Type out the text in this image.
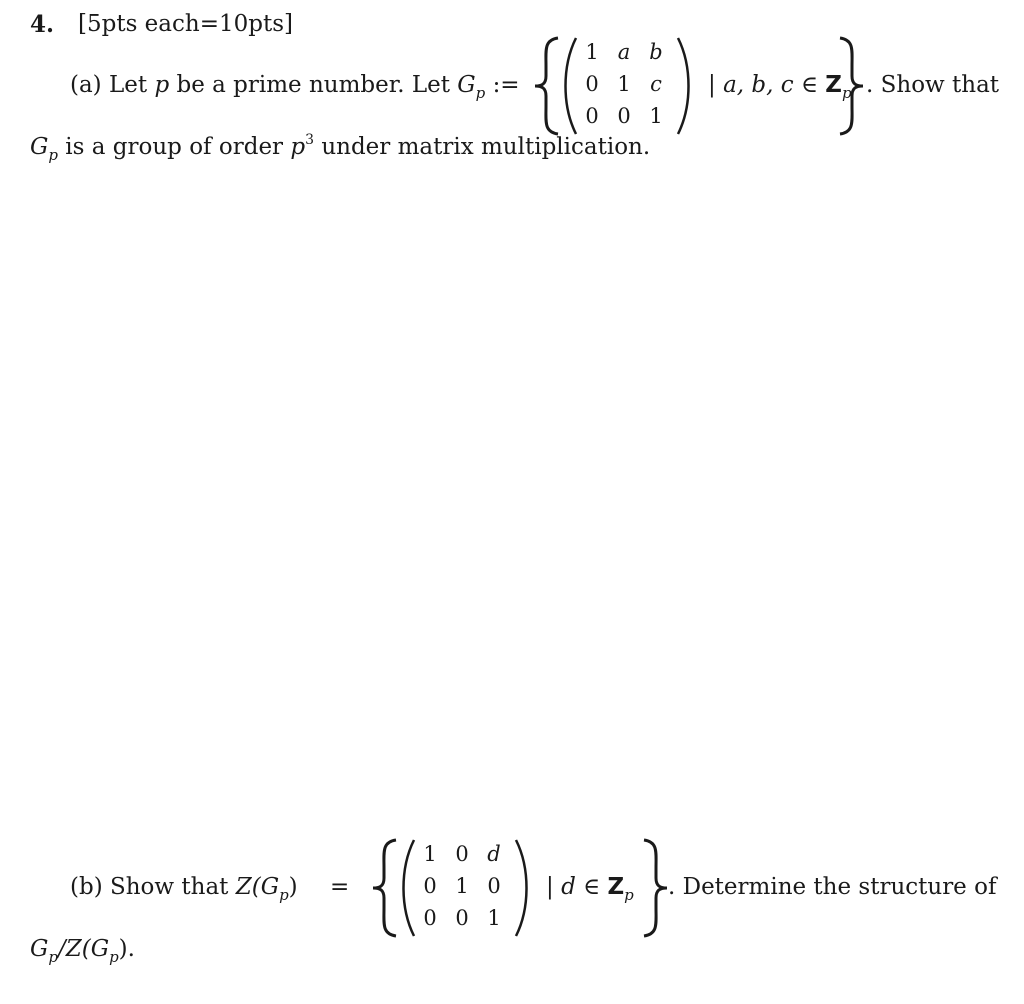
4. [5pts each=10pts]
(a) Let p be a prime number. Let $G_p$ :=
1 a b
0 1 c
0 0 1
| a, b, c ∈ $Z_p$ . Show that
$G_p$ is a group of order $p^3$ under matrix multiplication.
(b) Show that $Z(G_p)$ =
1 0 d
0 1 0
0 0 1
| d ∈ $Z_p$ . Determine the structure of
$G_p/Z(G_p)$.
